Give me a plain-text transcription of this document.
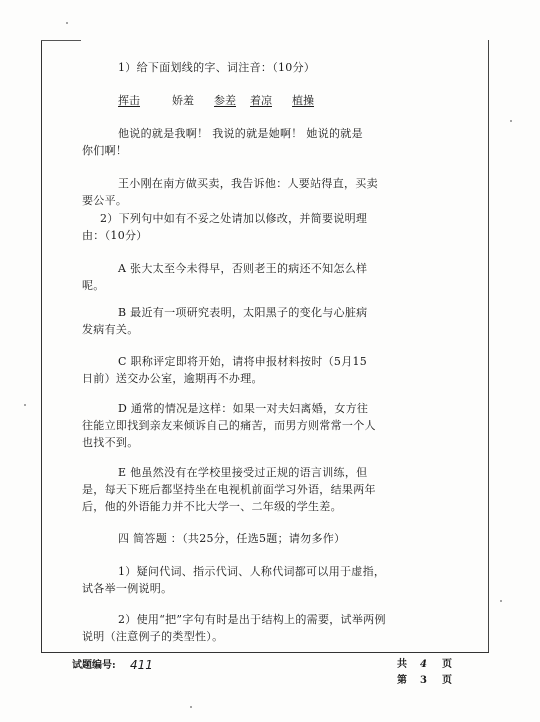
1）给下面划线的字、词注音：（10分）
挥击	娇羞 参差 着凉 植操
他说的就是我啊！ 我说的就是她啊！ 她说的就是
你们啊！
王小刚在南方做买卖，我告诉他：人要站得直，买卖
要公平。
2）下列句中如有不妥之处请加以修改，并简要说明理
由：（10分）
A 张大太至今未得早，否则老王的病还不知怎么样
呢。
B 最近有一项研究表明，太阳黑子的变化与心脏病
发病有关。
C 职称评定即将开始，请将申报材料按时（5月15
日前）送交办公室，逾期再不办理。
D 通常的情况是这样：如果一对夫妇离婚，女方往
往能立即找到亲友来倾诉自己的痛苦，而男方则常常一个人
也找不到。
E 他虽然没有在学校里接受过正规的语言训练，但
是，每天下班后都坚持坐在电视机前面学习外语，结果两年
后，他的外语能力并不比大学一、二年级的学生差。
四 简答题 ：（共25分，任选5题；请勿多作）
1）疑问代词、指示代词、人称代词都可以用于虚指，
试各举一例说明。
2）使用“把”字句有时是出于结构上的需要，试举两例
说明（注意例子的类型性）。
试题编号: 411	共 4 页
第 3 页
